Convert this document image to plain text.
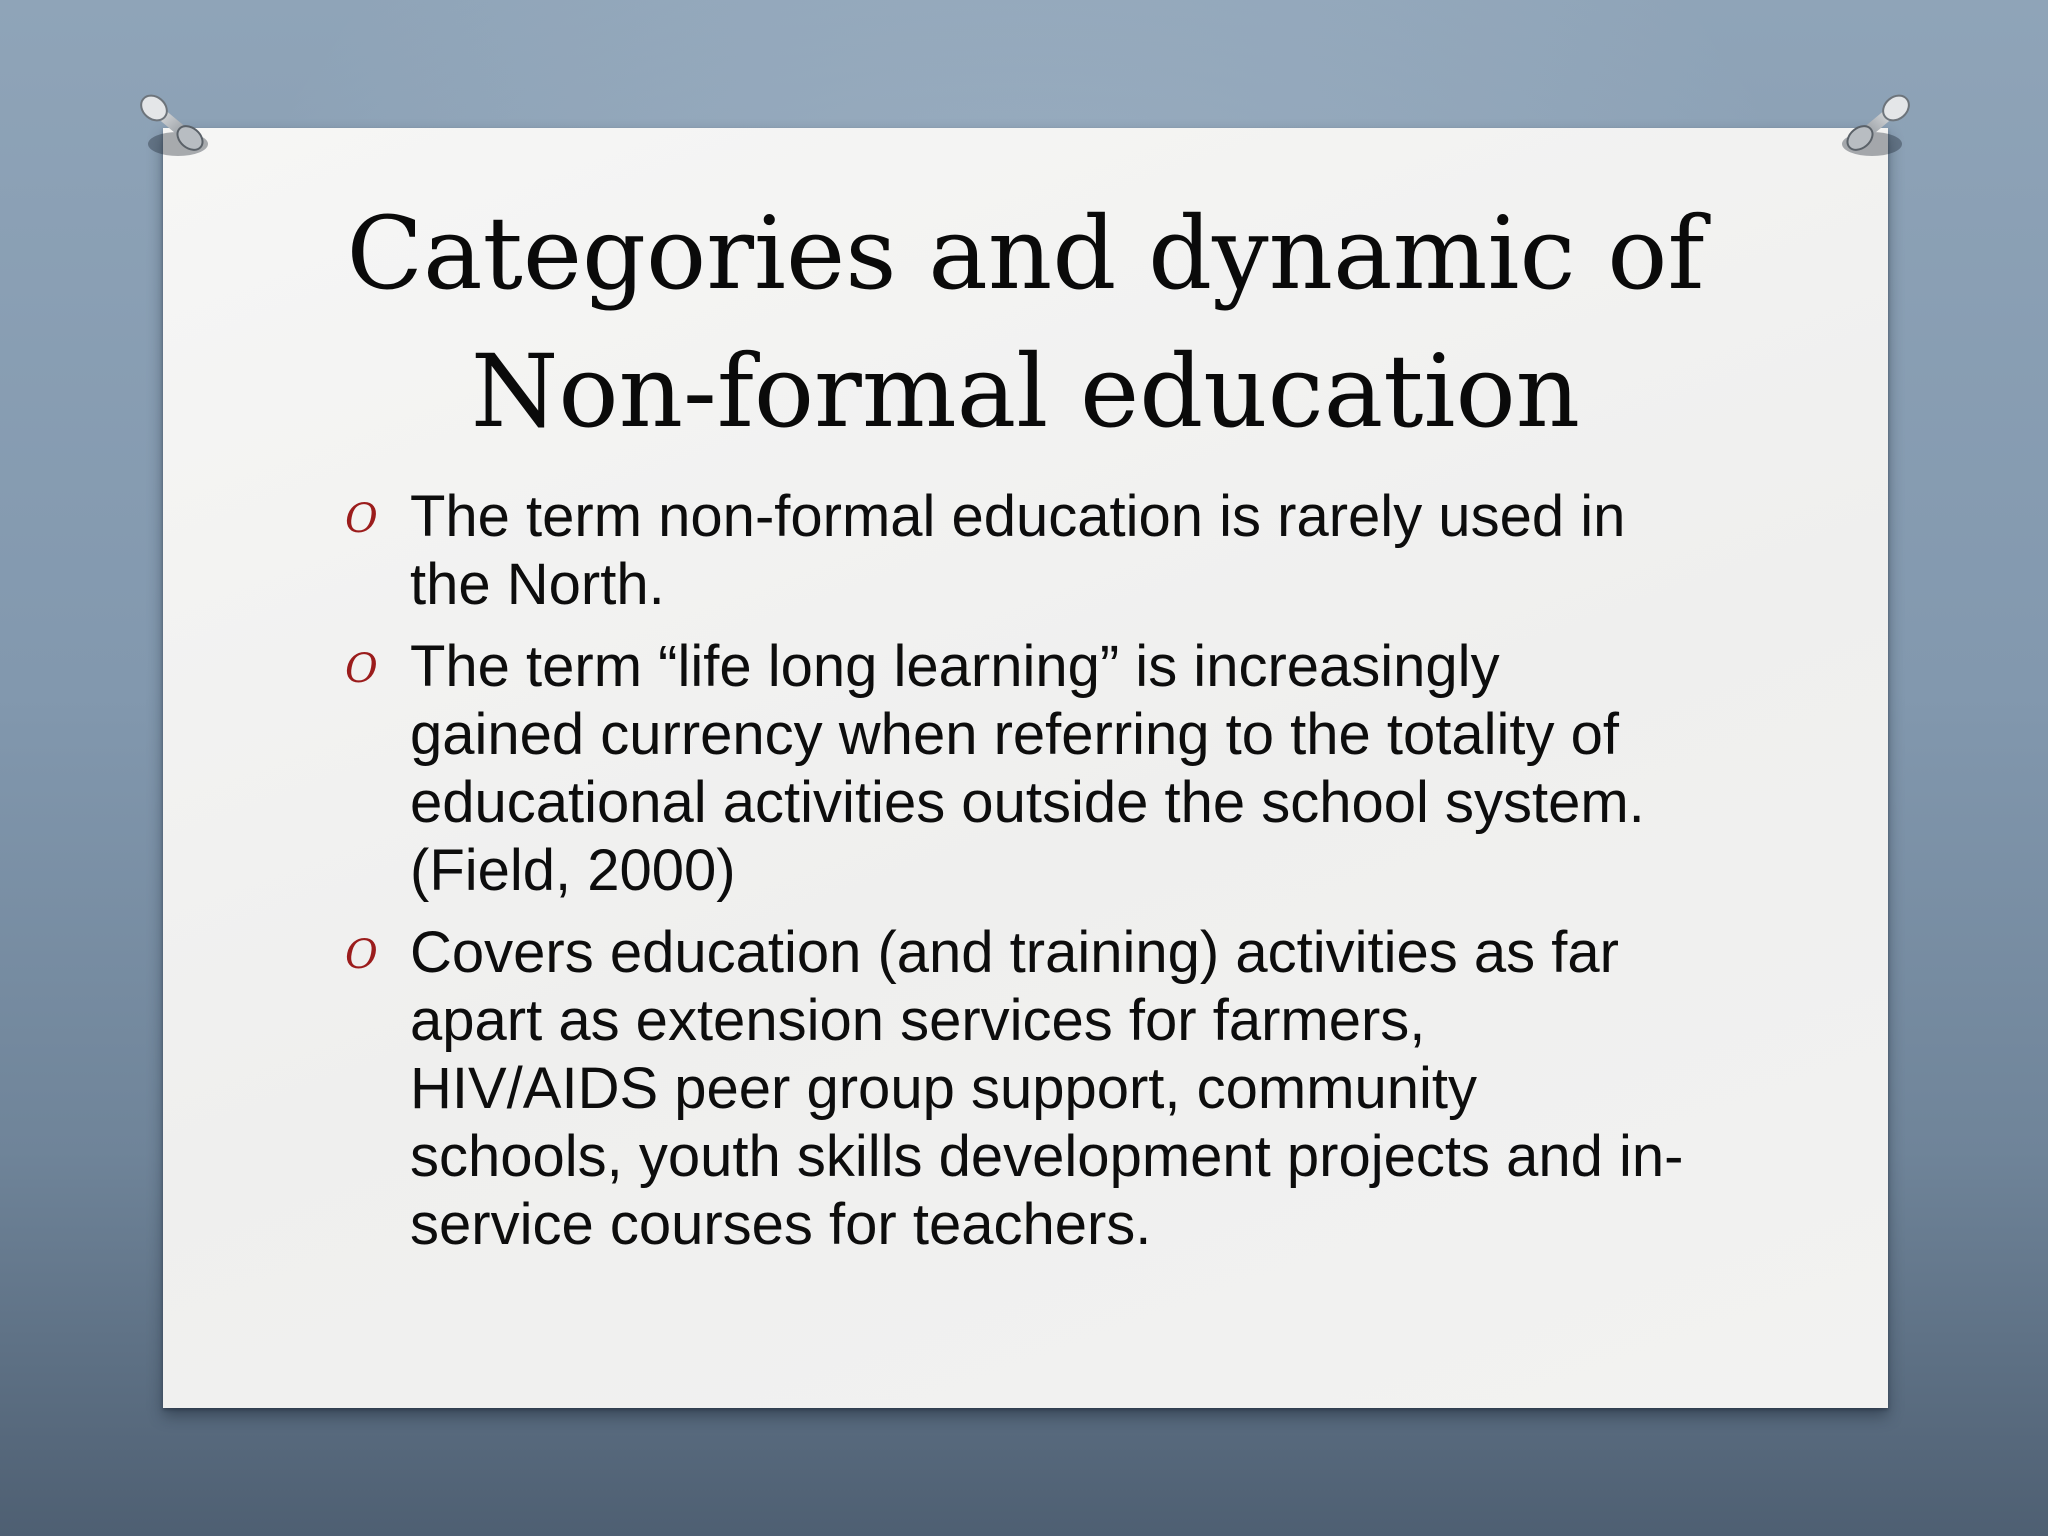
Categories and dynamic of
Non-formal education
O The term non-formal education is rarely used in the North.
O The term “life long learning” is increasingly gained currency when referring to the totality of educational activities outside the school system. (Field, 2000)
O Covers education (and training) activities as far apart as extension services for farmers, HIV/AIDS peer group support, community schools, youth skills development projects and in-service courses for teachers.
